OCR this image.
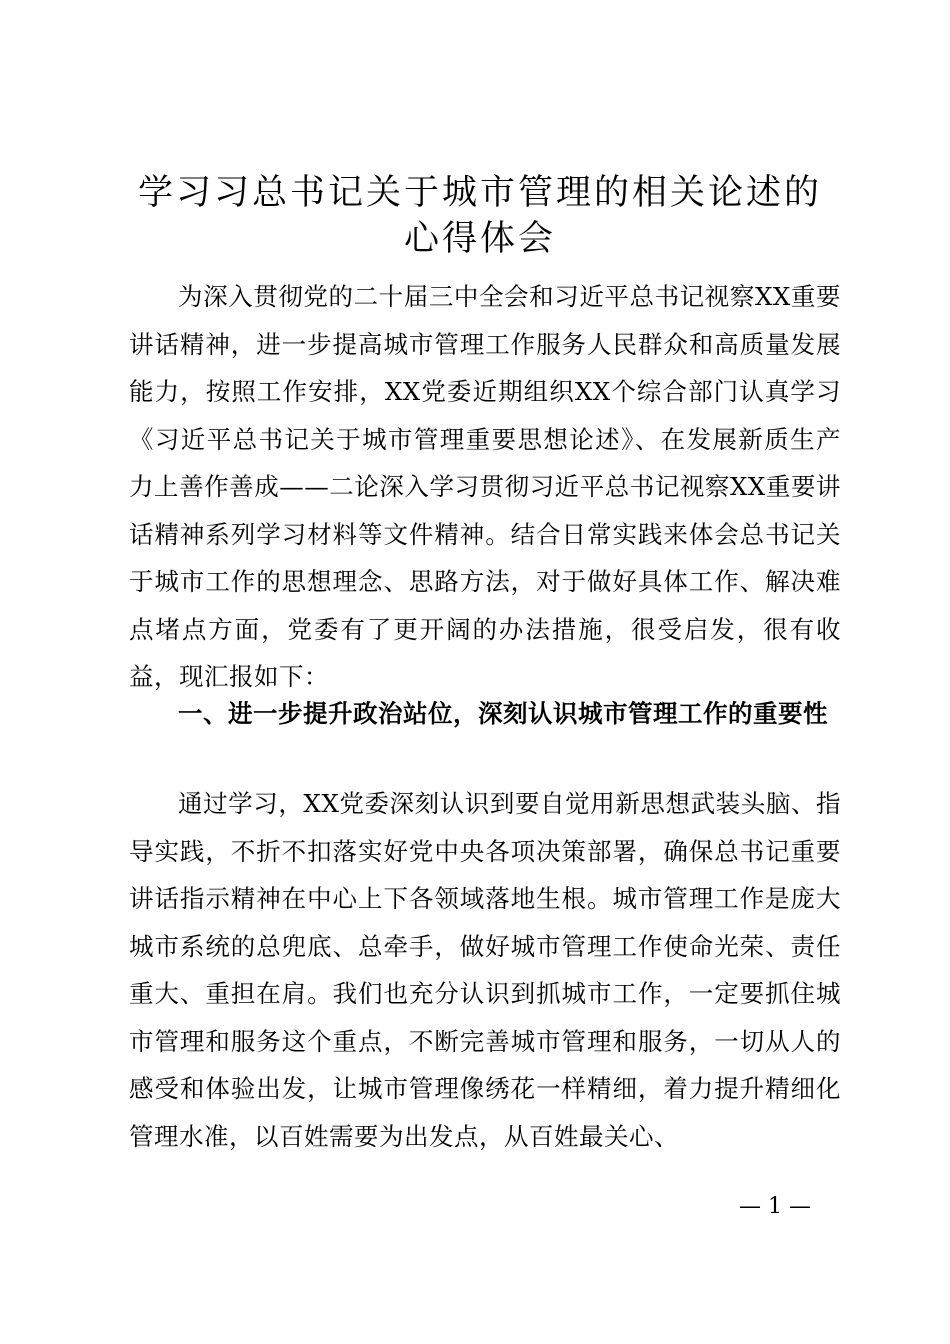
学习习总书记关于城市管理的相关论述的心得体会

为深入贯彻党的二十届三中全会和习近平总书记视察XX重要讲话精神，进一步提高城市管理工作服务人民群众和高质量发展能力，按照工作安排，XX党委近期组织XX个综合部门认真学习《习近平总书记关于城市管理重要思想论述》、在发展新质生产力上善作善成——二论深入学习贯彻习近平总书记视察XX重要讲话精神系列学习材料等文件精神。结合日常实践来体会总书记关于城市工作的思想理念、思路方法，对于做好具体工作、解决难点堵点方面，党委有了更开阔的办法措施，很受启发，很有收益，现汇报如下：

一、进一步提升政治站位，深刻认识城市管理工作的重要性

通过学习，XX党委深刻认识到要自觉用新思想武装头脑、指导实践，不折不扣落实好党中央各项决策部署，确保总书记重要讲话指示精神在中心上下各领域落地生根。城市管理工作是庞大城市系统的总兜底、总牵手，做好城市管理工作使命光荣、责任重大、重担在肩。我们也充分认识到抓城市工作，一定要抓住城市管理和服务这个重点，不断完善城市管理和服务，一切从人的感受和体验出发，让城市管理像绣花一样精细，着力提升精细化管理水准，以百姓需要为出发点，从百姓最关心、

— 1 —
